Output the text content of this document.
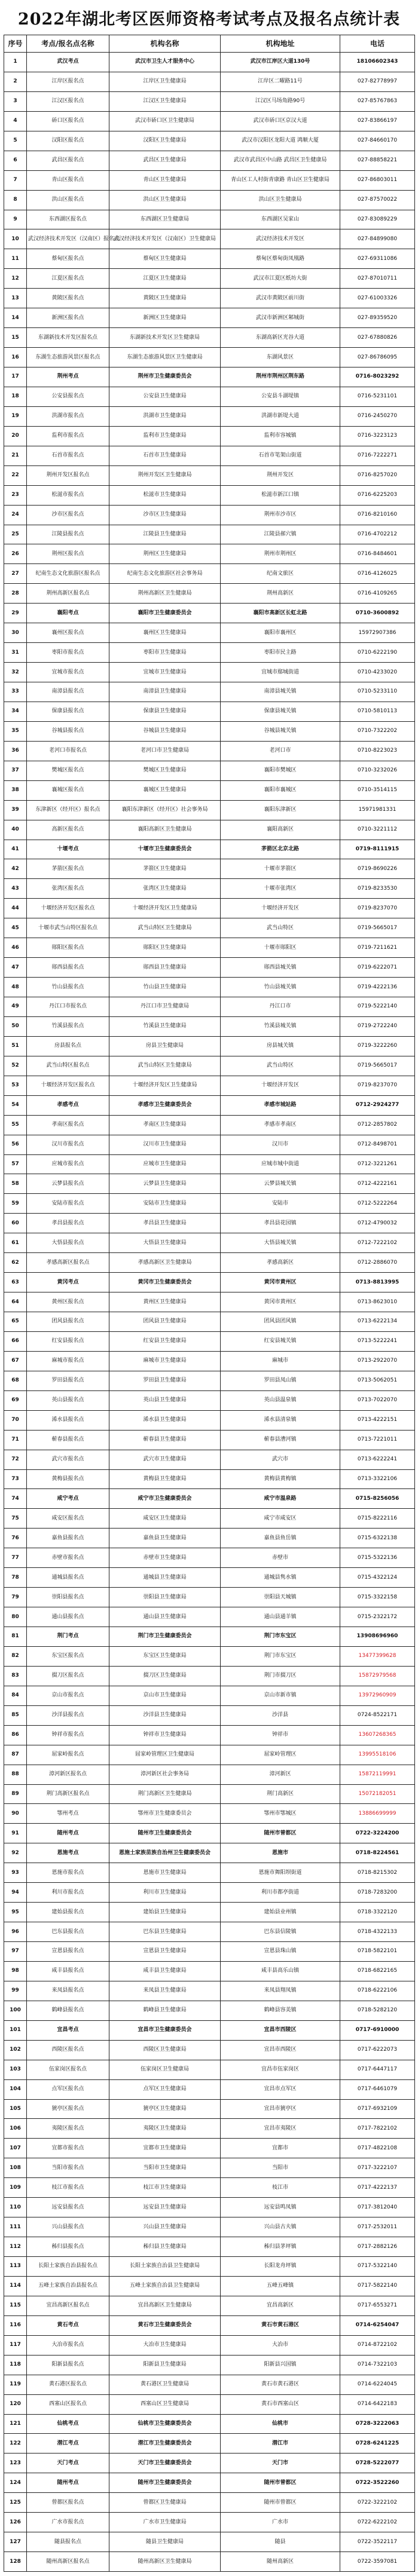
2022年湖北考区医师资格考试考点及报名点统计表
序号	考点/报名点名称	机构名称	机构地址	电话
1	武汉考点	武汉市卫生人才服务中心	武汉市江岸区大道130号	18106602343
2	江岸区报名点	江岸区卫生健康局	江岸区二曜路11号	027-82778997
3	江汉区报名点	江汉区卫生健康局	江汉区马场角路90号	027-85767863
4	硚口区报名点	武汉市硚口区卫生健康局	武汉市硚口区京汉大道	027-83866197
5	汉阳区报名点	汉阳区卫生健康局	武汉市汉阳区龙阳大道 鸿顺大厦	027-84660170
6	武昌区报名点	武昌区卫生健康局	武汉市武昌区中山路 武昌区卫生健康局	027-88858221
7	青山区报名点	青山区卫生健康局	青山区工人村街青康路 青山区卫生健康局	027-86803011
8	洪山区报名点	洪山区卫生健康局	洪山区卫生健康局	027-87570022
9	东西湖区报名点	东西湖区卫生健康局	东西湖区吴家山	027-83089229
10	武汉经济技术开发区（汉南区）报名点	武汉经济技术开发区（汉南区）卫生健康局	武汉经济技术开发区	027-84899080
11	蔡甸区报名点	蔡甸区卫生健康局	蔡甸区蔡甸街凤凰路	027-69311086
12	江夏区报名点	江夏区卫生健康局	武汉市江夏区纸坊大街	027-87010711
13	黄陂区报名点	黄陂区卫生健康局	武汉市黄陂区前川街	027-61003326
14	新洲区报名点	新洲区卫生健康局	武汉市新洲区邾城街	027-89359520
15	东湖新技术开发区报名点	东湖新技术开发区卫生健康局	东湖高新区光谷大道	027-67880826
16	东湖生态旅游风景区报名点	东湖生态旅游风景区卫生健康局	东湖风景区	027-86786095
17	荆州考点	荆州市卫生健康委员会	荆州市荆州区荆东路	0716-8023292
18	公安县报名点	公安县卫生健康局	公安县斗湖堤镇	0716-5231101
19	洪湖市报名点	洪湖市卫生健康局	洪湖市新堤大道	0716-2450270
20	监利市报名点	监利市卫生健康局	监利市容城镇	0716-3223123
21	石首市报名点	石首市卫生健康局	石首市笔架山街道	0716-7222271
22	荆州开发区报名点	荆州开发区卫生健康局	荆州开发区	0716-8257020
23	松滋市报名点	松滋市卫生健康局	松滋市新江口镇	0716-6225203
24	沙市区报名点	沙市区卫生健康局	荆州市沙市区	0716-8210160
25	江陵县报名点	江陵县卫生健康局	江陵县郝穴镇	0716-4702212
26	荆州区报名点	荆州区卫生健康局	荆州市荆州区	0716-8484601
27	纪南生态文化旅游区报名点	纪南生态文化旅游区社会事务局	纪南文旅区	0716-4126025
28	荆州高新区报名点	荆州高新区卫生健康局	荆州高新区	0716-4109265
29	襄阳考点	襄阳市卫生健康委员会	襄阳市高新区长虹北路	0710-3600892
30	襄州区报名点	襄州区卫生健康局	襄阳市襄州区	15972907386
31	枣阳市报名点	枣阳市卫生健康局	枣阳市民主路	0710-6222190
32	宜城市报名点	宜城市卫生健康局	宜城市鄢城街道	0710-4233020
33	南漳县报名点	南漳县卫生健康局	南漳县城关镇	0710-5233110
34	保康县报名点	保康县卫生健康局	保康县城关镇	0710-5810113
35	谷城县报名点	谷城县卫生健康局	谷城县城关镇	0710-7322202
36	老河口市报名点	老河口市卫生健康局	老河口市	0710-8223023
37	樊城区报名点	樊城区卫生健康局	襄阳市樊城区	0710-3232026
38	襄城区报名点	襄城区卫生健康局	襄阳市襄城区	0710-3514115
39	东津新区（经开区）报名点	襄阳东津新区（经开区）社会事务局	襄阳东津新区	15971981331
40	高新区报名点	襄阳高新区卫生健康局	襄阳高新区	0710-3221112
41	十堰考点	十堰市卫生健康委员会	茅箭区北京北路	0719-8111915
42	茅箭区报名点	茅箭区卫生健康局	十堰市茅箭区	0719-8690226
43	张湾区报名点	张湾区卫生健康局	十堰市张湾区	0719-8233530
44	十堰经济开发区报名点	十堰经济开发区卫生健康局	十堰经济开发区	0719-8237070
45	十堰市武当山特区报名点	武当山特区卫生健康局	武当山特区	0719-5665017
46	郧阳区报名点	郧阳区卫生健康局	十堰市郧阳区	0719-7211621
47	郧西县报名点	郧西县卫生健康局	郧西县城关镇	0719-6222071
48	竹山县报名点	竹山县卫生健康局	竹山县城关镇	0719-4222136
49	丹江口市报名点	丹江口市卫生健康局	丹江口市	0719-5222140
50	竹溪县报名点	竹溪县卫生健康局	竹溪县城关镇	0719-2722240
51	房县报名点	房县卫生健康局	房县城关镇	0719-3222260
52	武当山特区报名点	武当山特区卫生健康局	武当山特区	0719-5665017
53	十堰经济开发区报名点	十堰经济开发区卫生健康局	十堰经济开发区	0719-8237070
54	孝感考点	孝感市卫生健康委员会	孝感市城站路	0712-2924277
55	孝南区报名点	孝南区卫生健康局	孝感市孝南区	0712-2857802
56	汉川市报名点	汉川市卫生健康局	汉川市	0712-8498701
57	应城市报名点	应城市卫生健康局	应城市城中街道	0712-3221261
58	云梦县报名点	云梦县卫生健康局	云梦县城关镇	0712-4222161
59	安陆市报名点	安陆市卫生健康局	安陆市	0712-5222264
60	孝昌县报名点	孝昌县卫生健康局	孝昌县花园镇	0712-4790032
61	大悟县报名点	大悟县卫生健康局	大悟县城关镇	0712-7222102
62	孝感高新区报名点	孝感高新区卫生健康局	孝感高新区	0712-2886070
63	黄冈考点	黄冈市卫生健康委员会	黄冈市黄州区	0713-8813995
64	黄州区报名点	黄州区卫生健康局	黄冈市黄州区	0713-8623010
65	团风县报名点	团风县卫生健康局	团风县团风镇	0713-6222134
66	红安县报名点	红安县卫生健康局	红安县城关镇	0713-5222241
67	麻城市报名点	麻城市卫生健康局	麻城市	0713-2922070
68	罗田县报名点	罗田县卫生健康局	罗田县凤山镇	0713-5062051
69	英山县报名点	英山县卫生健康局	英山县温泉镇	0713-7022070
70	浠水县报名点	浠水县卫生健康局	浠水县清泉镇	0713-4222151
71	蕲春县报名点	蕲春县卫生健康局	蕲春县漕河镇	0713-7221011
72	武穴市报名点	武穴市卫生健康局	武穴市	0713-6222241
73	黄梅县报名点	黄梅县卫生健康局	黄梅县黄梅镇	0713-3322106
74	咸宁考点	咸宁市卫生健康委员会	咸宁市温泉路	0715-8256056
75	咸安区报名点	咸安区卫生健康局	咸宁市咸安区	0715-8222116
76	嘉鱼县报名点	嘉鱼县卫生健康局	嘉鱼县鱼岳镇	0715-6322138
77	赤壁市报名点	赤壁市卫生健康局	赤壁市	0715-5322136
78	通城县报名点	通城县卫生健康局	通城县隽水镇	0715-4322124
79	崇阳县报名点	崇阳县卫生健康局	崇阳县天城镇	0715-3322158
80	通山县报名点	通山县卫生健康局	通山县通羊镇	0715-2322172
81	荆门考点	荆门市卫生健康委员会	荆门市东宝区	13908696960
82	东宝区报名点	东宝区卫生健康局	荆门市东宝区	13477399628
83	掇刀区报名点	掇刀区卫生健康局	荆门市掇刀区	15872979568
84	京山市报名点	京山市卫生健康局	京山市新市镇	13972960909
85	沙洋县报名点	沙洋县卫生健康局	沙洋县	0724-8522171
86	钟祥市报名点	钟祥市卫生健康局	钟祥市	13607268365
87	屈家岭报名点	屈家岭管理区卫生健康局	屈家岭管理区	13995518106
88	漳河新区报名点	漳河新区社会事务局	漳河新区	15872119991
89	荆门高新区报名点	荆门高新区卫生健康局	荆门高新区	15072182051
90	鄂州考点	鄂州市卫生健康委员会	鄂州市鄂城区	13886699999
91	随州考点	随州市卫生健康委员会	随州市曾都区	0722-3224200
92	恩施考点	恩施土家族苗族自治州卫生健康委员会	恩施市	0718-8224561
93	恩施市报名点	恩施市卫生健康局	恩施市舞阳坝街道	0718-8215302
94	利川市报名点	利川市卫生健康局	利川市都亭街道	0718-7283200
95	建始县报名点	建始县卫生健康局	建始县业州镇	0718-3322120
96	巴东县报名点	巴东县卫生健康局	巴东县信陵镇	0718-4322133
97	宣恩县报名点	宣恩县卫生健康局	宣恩县珠山镇	0718-5822101
98	咸丰县报名点	咸丰县卫生健康局	咸丰县高乐山镇	0718-6822165
99	来凤县报名点	来凤县卫生健康局	来凤县翔凤镇	0718-6222106
100	鹤峰县报名点	鹤峰县卫生健康局	鹤峰县容美镇	0718-5282120
101	宜昌考点	宜昌市卫生健康委员会	宜昌市西陵区	0717-6910000
102	西陵区报名点	西陵区卫生健康局	宜昌市西陵区	0717-6222073
103	伍家岗区报名点	伍家岗区卫生健康局	宜昌市伍家岗区	0717-6447117
104	点军区报名点	点军区卫生健康局	宜昌市点军区	0717-6461079
105	猇亭区报名点	猇亭区卫生健康局	宜昌市猇亭区	0717-6932109
106	夷陵区报名点	夷陵区卫生健康局	宜昌市夷陵区	0717-7822102
107	宜都市报名点	宜都市卫生健康局	宜都市	0717-4822108
108	当阳市报名点	当阳市卫生健康局	当阳市	0717-3222107
109	枝江市报名点	枝江市卫生健康局	枝江市	0717-4222137
110	远安县报名点	远安县卫生健康局	远安县鸣凤镇	0717-3812040
111	兴山县报名点	兴山县卫生健康局	兴山县古夫镇	0717-2532011
112	秭归县报名点	秭归县卫生健康局	秭归县茅坪镇	0717-2882126
113	长阳土家族自治县报名点	长阳土家族自治县卫生健康局	长阳龙舟坪镇	0717-5322140
114	五峰土家族自治县报名点	五峰土家族自治县卫生健康局	五峰五峰镇	0717-5822140
115	宜昌高新区报名点	宜昌高新区卫生健康局	宜昌高新区	0717-6553271
116	黄石考点	黄石市卫生健康委员会	黄石市黄石港区	0714-6254047
117	大冶市报名点	大冶市卫生健康局	大冶市	0714-8722102
118	阳新县报名点	阳新县卫生健康局	阳新县兴国镇	0714-7322103
119	黄石港区报名点	黄石港区卫生健康局	黄石市黄石港区	0714-6224045
120	西塞山区报名点	西塞山区卫生健康局	黄石市西塞山区	0714-6422183
121	仙桃考点	仙桃市卫生健康委员会	仙桃市	0728-3222063
122	潜江考点	潜江市卫生健康委员会	潜江市	0728-6241225
123	天门考点	天门市卫生健康委员会	天门市	0728-5222077
124	随州考点	随州市卫生健康委员会	随州市曾都区	0722-3522260
125	曾都区报名点	曾都区卫生健康局	随州市曾都区	0722-3222102
126	广水市报名点	广水市卫生健康局	广水市	0722-6222102
127	随县报名点	随县卫生健康局	随县	0722-3522117
128	随州高新区报名点	随州高新区卫生健康局	随州高新区	0722-3597081
